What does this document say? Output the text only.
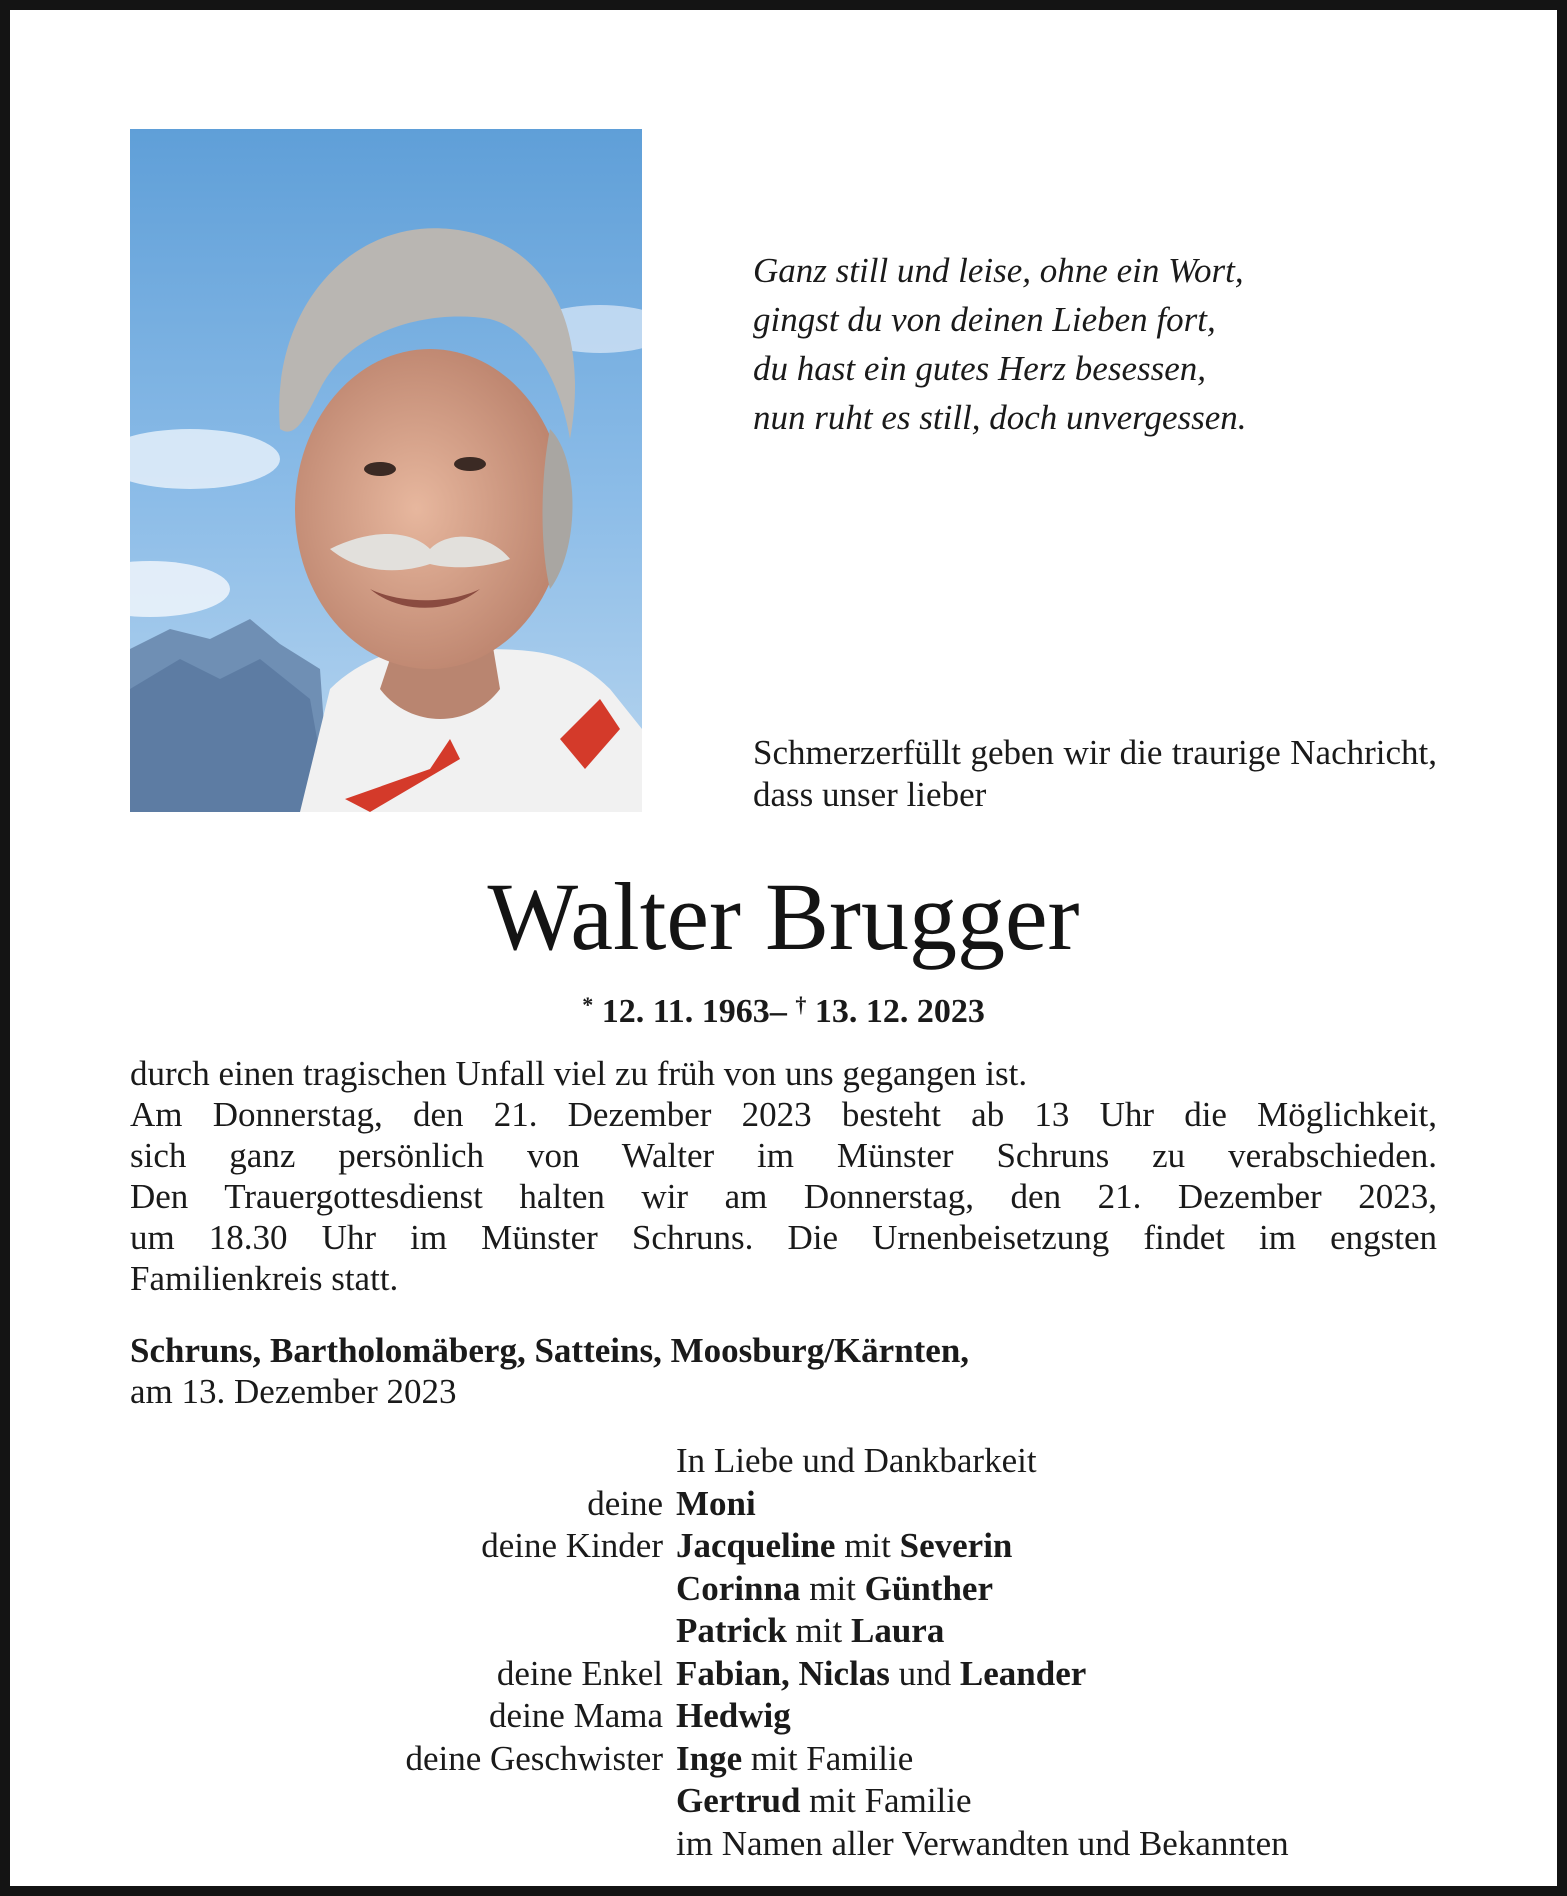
Ganz still und leise, ohne ein Wort,
gingst du von deinen Lieben fort,
du hast ein gutes Herz besessen,
nun ruht es still, doch unvergessen.
Schmerzerfüllt geben wir die traurige Nachricht, dass unser lieber
Walter Brugger
* 12. 11. 1963– † 13. 12. 2023
durch einen tragischen Unfall viel zu früh von uns gegangen ist.
Am Donnerstag, den 21. Dezember 2023 besteht ab 13 Uhr die Möglichkeit,
sich ganz persönlich von Walter im Münster Schruns zu verabschieden.
Den Trauergottesdienst halten wir am Donnerstag, den 21. Dezember 2023,
um 18.30 Uhr im Münster Schruns. Die Urnenbeisetzung findet im engsten
Familienkreis statt.
Schruns, Bartholomäberg, Satteins, Moosburg/Kärnten,
am 13. Dezember 2023
In Liebe und Dankbarkeit
deine Moni
deine Kinder Jacqueline mit Severin
Corinna mit Günther
Patrick mit Laura
deine Enkel Fabian, Niclas und Leander
deine Mama Hedwig
deine Geschwister Inge mit Familie
Gertrud mit Familie
im Namen aller Verwandten und Bekannten
